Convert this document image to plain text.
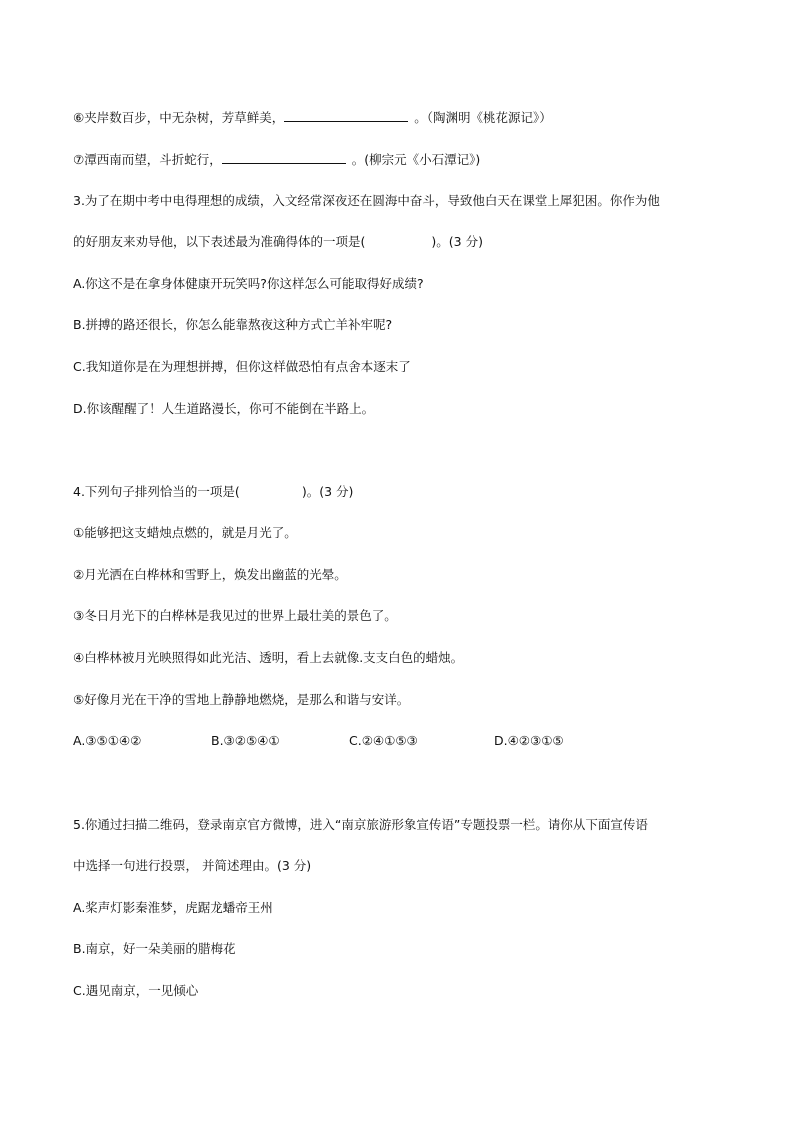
⑥夹岸数百步，中无杂树，芳草鲜美，	。（陶渊明《桃花源记》）
⑦潭西南而望，斗折蛇行，	。(柳宗元《小石潭记》)
3.为了在期中考中电得理想的成绩，入文经常深夜还在圆海中奋斗，导致他白天在课堂上犀犯困。你作为他
的好朋友来劝导他，以下表述最为准确得体的一项是(	)。(3 分)
A.你这不是在拿身体健康开玩笑吗?你这样怎么可能取得好成绩?
B.拼搏的路还很长，你怎么能靠熬夜这种方式亡羊补牢呢?
C.我知道你是在为理想拼搏，但你这样做恐怕有点舍本逐末了
D.你该醒醒了！人生道路漫长，你可不能倒在半路上。
4.下列句子排列恰当的一项是(	)。(3 分)
①能够把这支蜡烛点燃的，就是月光了。
②月光洒在白桦林和雪野上，焕发出幽蓝的光晕。
③冬日月光下的白桦林是我见过的世界上最壮美的景色了。
④白桦林被月光映照得如此光洁、透明，看上去就像.支支白色的蜡烛。
⑤好像月光在干净的雪地上静静地燃烧，是那么和谐与安详。
A.③⑤①④②	B.③②⑤④①	C.②④①⑤③	D.④②③①⑤
5.你通过扫描二维码，登录南京官方微博，进入“南京旅游形象宣传语”专题投票一栏。请你从下面宣传语
中选择一句进行投票， 并简述理由。(3 分)
A.桨声灯影秦淮梦，虎踞龙蟠帝王州
B.南京，好一朵美丽的腊梅花
C.遇见南京，一见倾心
